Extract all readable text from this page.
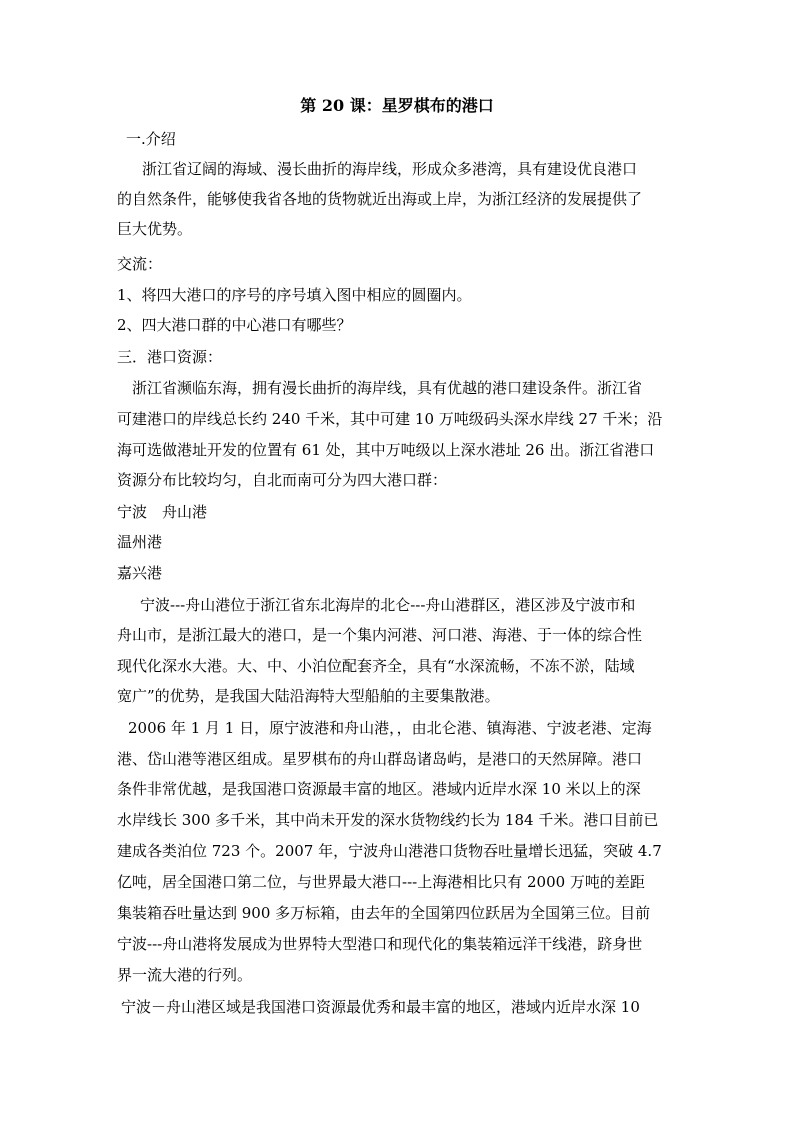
第 20 课：星罗棋布的港口
一.介绍
浙江省辽阔的海域、漫长曲折的海岸线，形成众多港湾，具有建设优良港口
的自然条件，能够使我省各地的货物就近出海或上岸，为浙江经济的发展提供了
巨大优势。
交流：
1、将四大港口的序号的序号填入图中相应的圆圈内。
2、四大港口群的中心港口有哪些？
三．港口资源：
浙江省濒临东海，拥有漫长曲折的海岸线，具有优越的港口建设条件。浙江省
可建港口的岸线总长约 240 千米，其中可建 10 万吨级码头深水岸线 27 千米；沿
海可选做港址开发的位置有 61 处，其中万吨级以上深水港址 26 出。浙江省港口
资源分布比较均匀，自北而南可分为四大港口群：
宁波　舟山港
温州港
嘉兴港
宁波---舟山港位于浙江省东北海岸的北仑---舟山港群区，港区涉及宁波市和
舟山市，是浙江最大的港口，是一个集内河港、河口港、海港、于一体的综合性
现代化深水大港。大、中、小泊位配套齐全，具有“水深流畅，不冻不淤，陆域
宽广”的优势，是我国大陆沿海特大型船舶的主要集散港。
2006 年 1 月 1 日，原宁波港和舟山港，，由北仑港、镇海港、宁波老港、定海
港、岱山港等港区组成。星罗棋布的舟山群岛诸岛屿，是港口的天然屏障。港口
条件非常优越，是我国港口资源最丰富的地区。港域内近岸水深 10 米以上的深
水岸线长 300 多千米，其中尚未开发的深水货物线约长为 184 千米。港口目前已
建成各类泊位 723 个。2007 年，宁波舟山港港口货物吞吐量增长迅猛，突破 4.7
亿吨，居全国港口第二位，与世界最大港口---上海港相比只有 2000 万吨的差距
集装箱吞吐量达到 900 多万标箱，由去年的全国第四位跃居为全国第三位。目前
宁波---舟山港将发展成为世界特大型港口和现代化的集装箱远洋干线港，跻身世
界一流大港的行列。
宁波－舟山港区域是我国港口资源最优秀和最丰富的地区，港域内近岸水深 10
